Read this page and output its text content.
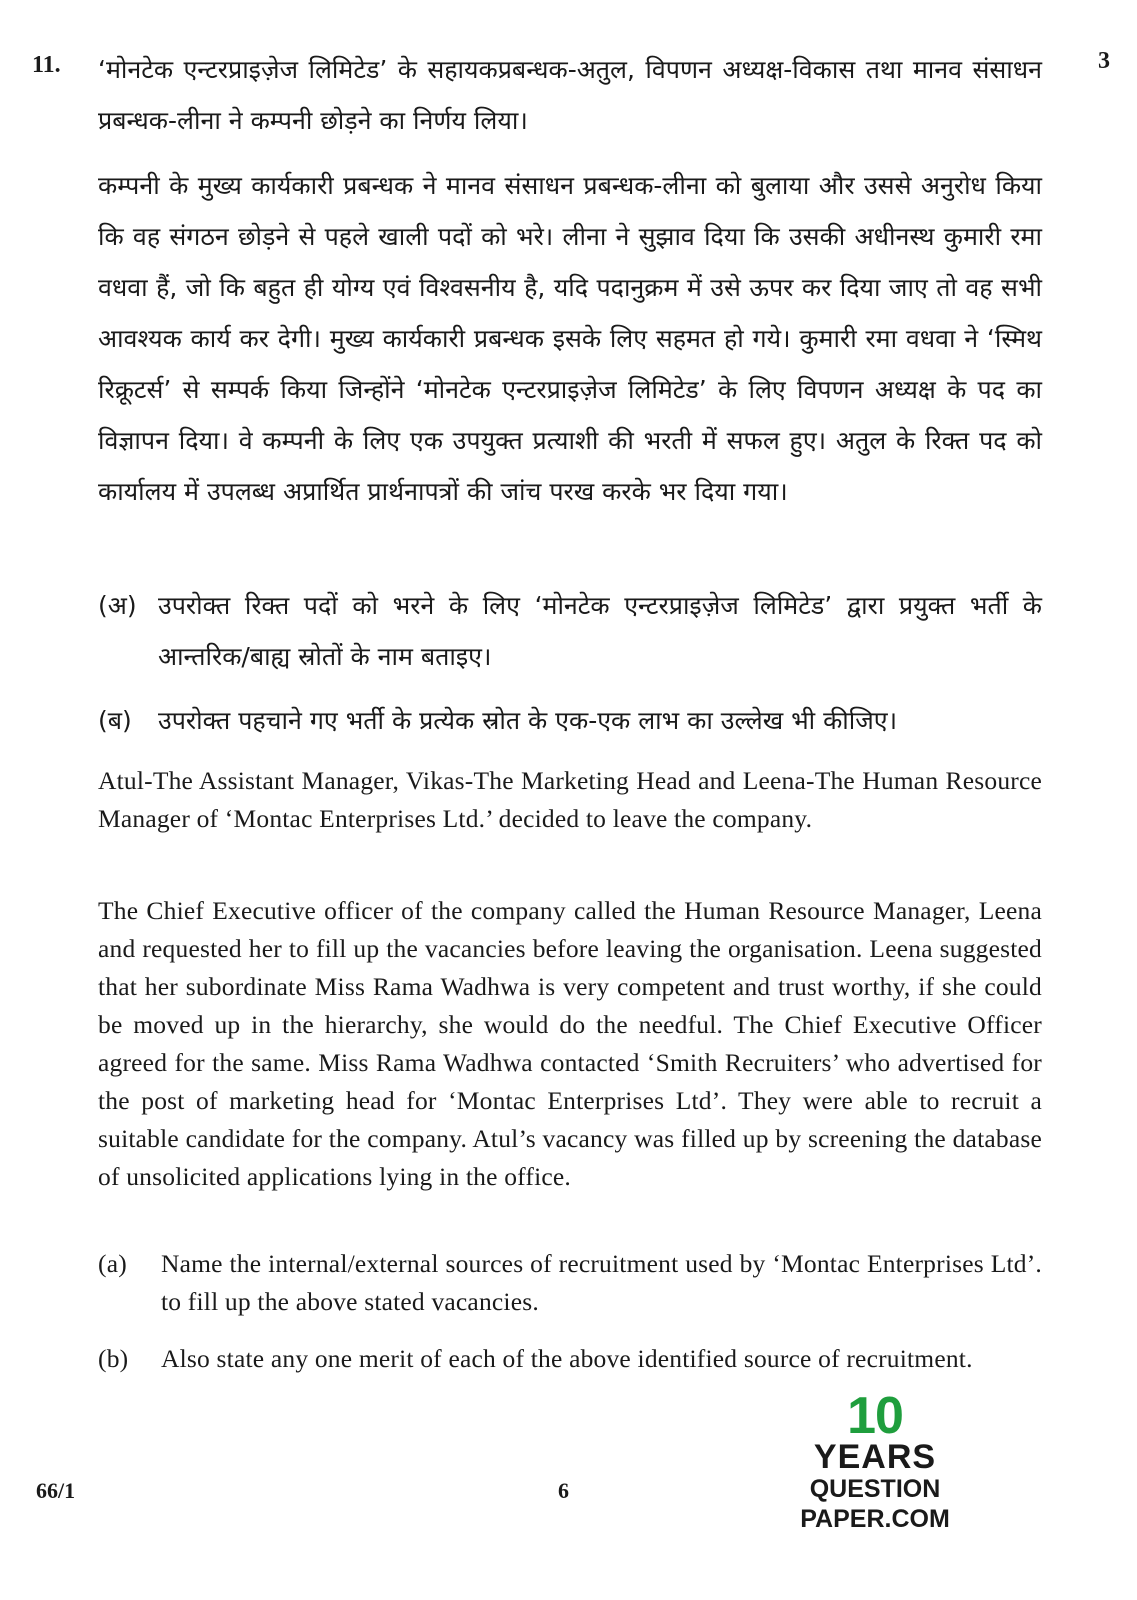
11.	3

‘मोनटेक एन्टरप्राइज़ेज लिमिटेड’ के सहायकप्रबन्धक-अतुल, विपणन अध्यक्ष-विकास तथा मानव संसाधन प्रबन्धक-लीना ने कम्पनी छोड़ने का निर्णय लिया।

कम्पनी के मुख्य कार्यकारी प्रबन्धक ने मानव संसाधन प्रबन्धक-लीना को बुलाया और उससे अनुरोध किया कि वह संगठन छोड़ने से पहले खाली पदों को भरे। लीना ने सुझाव दिया कि उसकी अधीनस्थ कुमारी रमा वधवा हैं, जो कि बहुत ही योग्य एवं विश्वसनीय है, यदि पदानुक्रम में उसे ऊपर कर दिया जाए तो वह सभी आवश्यक कार्य कर देगी। मुख्य कार्यकारी प्रबन्धक इसके लिए सहमत हो गये। कुमारी रमा वधवा ने ‘स्मिथ रिक्रूटर्स’ से सम्पर्क किया जिन्होंने ‘मोनटेक एन्टरप्राइज़ेज लिमिटेड’ के लिए विपणन अध्यक्ष के पद का विज्ञापन दिया। वे कम्पनी के लिए एक उपयुक्त प्रत्याशी की भरती में सफल हुए। अतुल के रिक्त पद को कार्यालय में उपलब्ध अप्रार्थित प्रार्थनापत्रों की जांच परख करके भर दिया गया।

(अ) उपरोक्त रिक्त पदों को भरने के लिए ‘मोनटेक एन्टरप्राइज़ेज लिमिटेड’ द्वारा प्रयुक्त भर्ती के आन्तरिक/बाह्य स्रोतों के नाम बताइए।

(ब) उपरोक्त पहचाने गए भर्ती के प्रत्येक स्रोत के एक-एक लाभ का उल्लेख भी कीजिए।

Atul-The Assistant Manager, Vikas-The Marketing Head and Leena-The Human Resource Manager of ‘Montac Enterprises Ltd.’ decided to leave the company.

The Chief Executive officer of the company called the Human Resource Manager, Leena and requested her to fill up the vacancies before leaving the organisation. Leena suggested that her subordinate Miss Rama Wadhwa is very competent and trust worthy, if she could be moved up in the hierarchy, she would do the needful. The Chief Executive Officer agreed for the same. Miss Rama Wadhwa contacted ‘Smith Recruiters’ who advertised for the post of marketing head for ‘Montac Enterprises Ltd’. They were able to recruit a suitable candidate for the company. Atul’s vacancy was filled up by screening the database of unsolicited applications lying in the office.

(a) Name the internal/external sources of recruitment used by ‘Montac Enterprises Ltd’. to fill up the above stated vacancies.

(b) Also state any one merit of each of the above identified source of recruitment.

66/1	6
10
YEARS
QUESTION PAPER.COM
